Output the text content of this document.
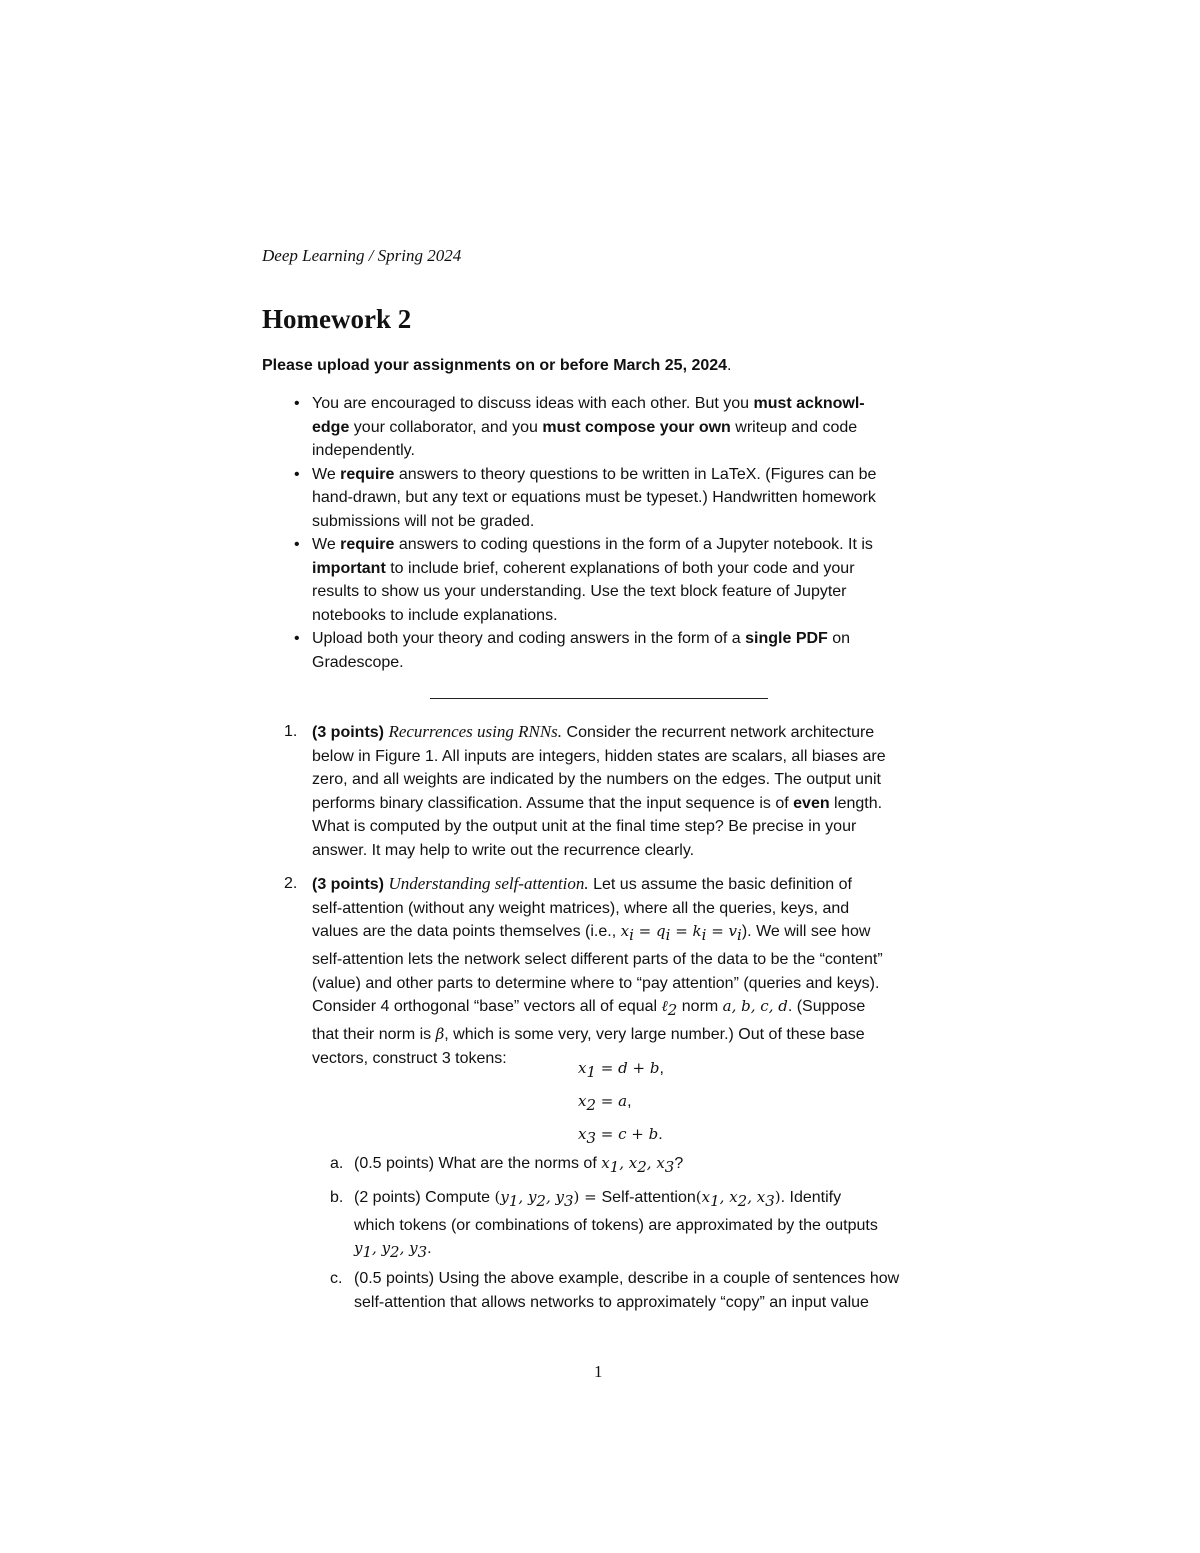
Deep Learning / Spring 2024
Homework 2
Please upload your assignments on or before March 25, 2024.
• You are encouraged to discuss ideas with each other. But you must acknowl-
edge your collaborator, and you must compose your own writeup and code
independently.
• We require answers to theory questions to be written in LaTeX. (Figures can be
hand-drawn, but any text or equations must be typeset.) Handwritten homework
submissions will not be graded.
• We require answers to coding questions in the form of a Jupyter notebook. It is
important to include brief, coherent explanations of both your code and your
results to show us your understanding. Use the text block feature of Jupyter
notebooks to include explanations.
• Upload both your theory and coding answers in the form of a single PDF on
Gradescope.
1. (3 points) Recurrences using RNNs. Consider the recurrent network architecture
below in Figure 1. All inputs are integers, hidden states are scalars, all biases are
zero, and all weights are indicated by the numbers on the edges. The output unit
performs binary classification. Assume that the input sequence is of even length.
What is computed by the output unit at the final time step? Be precise in your
answer. It may help to write out the recurrence clearly.
2. (3 points) Understanding self-attention. Let us assume the basic definition of
self-attention (without any weight matrices), where all the queries, keys, and
values are the data points themselves (i.e., $x_i = q_i = k_i = v_i$). We will see how
self-attention lets the network select different parts of the data to be the “content”
(value) and other parts to determine where to “pay attention” (queries and keys).
Consider 4 orthogonal “base” vectors all of equal ℓ$_2$ norm a, b, c, d. (Suppose
that their norm is β, which is some very, very large number.) Out of these base
vectors, construct 3 tokens:
$x_1 = d + b$,
$x_2 = a$,
$x_3 = c + b$.
a. (0.5 points) What are the norms of $x_1$, $x_2$, $x_3$?
b. (2 points) Compute ($y_1$, $y_2$, $y_3$) = Self-$attention(x_1$, $x_2$, $x_3$). Identify
which tokens (or combinations of tokens) are approximated by the outputs
$y_1$, $y_2$, $y_3$.
c. (0.5 points) Using the above example, describe in a couple of sentences how
self-attention that allows networks to approximately “copy” an input value
1
